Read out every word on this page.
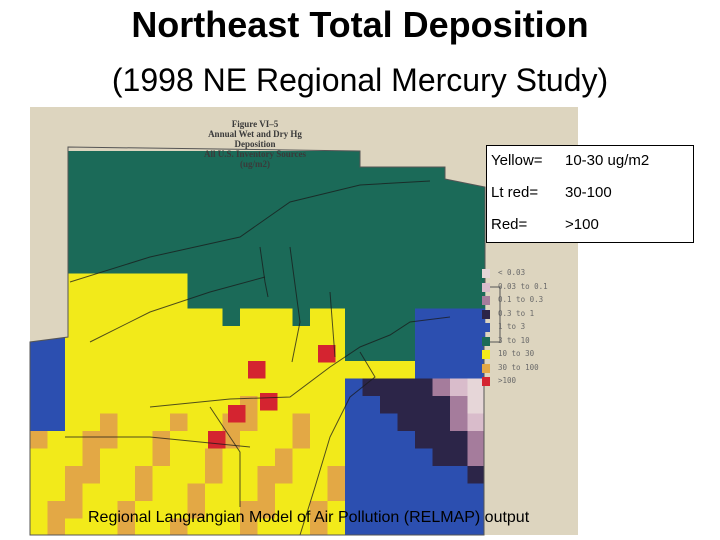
Northeast Total Deposition
(1998 NE Regional Mercury Study)
Figure VI–5
Annual Wet and Dry Hg Deposition
All U.S. Inventory Sources
(ug/m2)	Yellow= 10-30 ug/m2
Lt red= 30-100
Red=	>100
< 0.03
0.03 to 0.1
0.1 to 0.3
0.3 to 1
1 to 3
3 to 10
10 to 30
30 to 100
>100
Regional Langrangian Model of Air Pollution (RELMAP) output
